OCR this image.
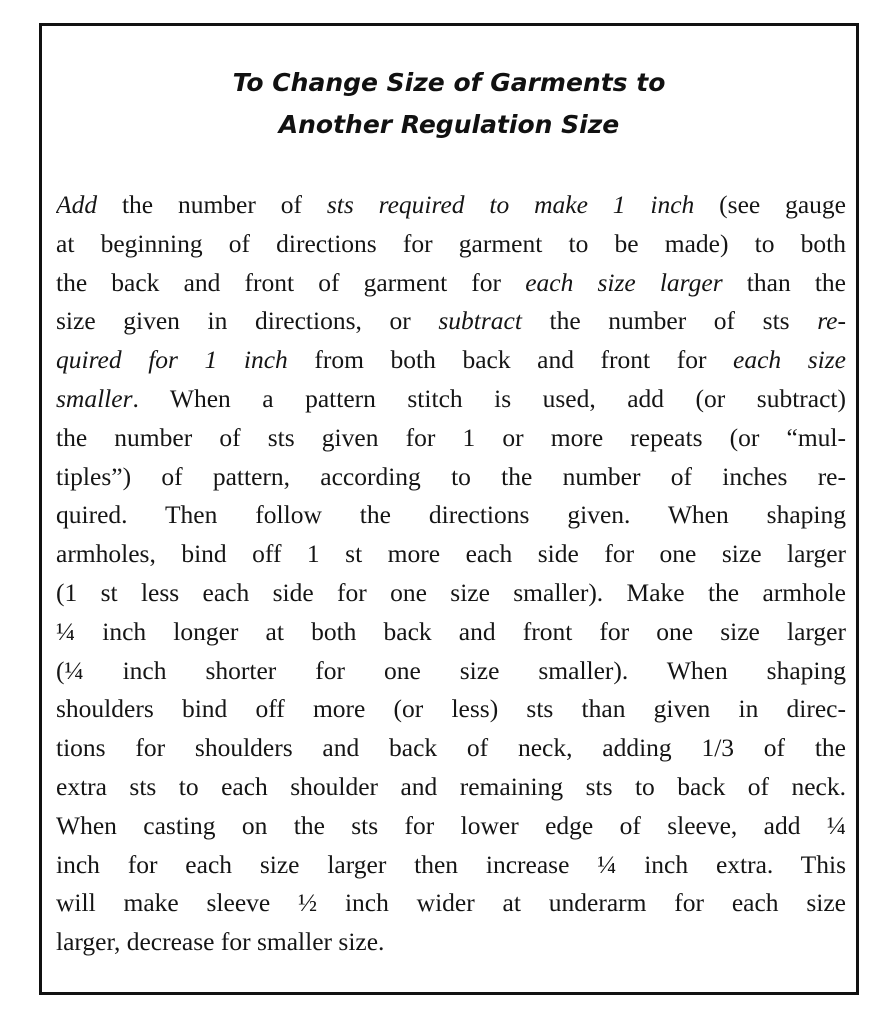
To Change Size of Garments to
Another Regulation Size
Add the number of sts required to make 1 inch (see gauge
at beginning of directions for garment to be made) to both
the back and front of garment for each size larger than the
size given in directions, or subtract the number of sts re-
quired for 1 inch from both back and front for each size
smaller. When a pattern stitch is used, add (or subtract)
the number of sts given for 1 or more repeats (or “mul-
tiples”) of pattern, according to the number of inches re-
quired. Then follow the directions given. When shaping
armholes, bind off 1 st more each side for one size larger
(1 st less each side for one size smaller). Make the armhole
¼ inch longer at both back and front for one size larger
(¼ inch shorter for one size smaller). When shaping
shoulders bind off more (or less) sts than given in direc-
tions for shoulders and back of neck, adding 1/3 of the
extra sts to each shoulder and remaining sts to back of neck.
When casting on the sts for lower edge of sleeve, add ¼
inch for each size larger then increase ¼ inch extra. This
will make sleeve ½ inch wider at underarm for each size
larger, decrease for smaller size.
